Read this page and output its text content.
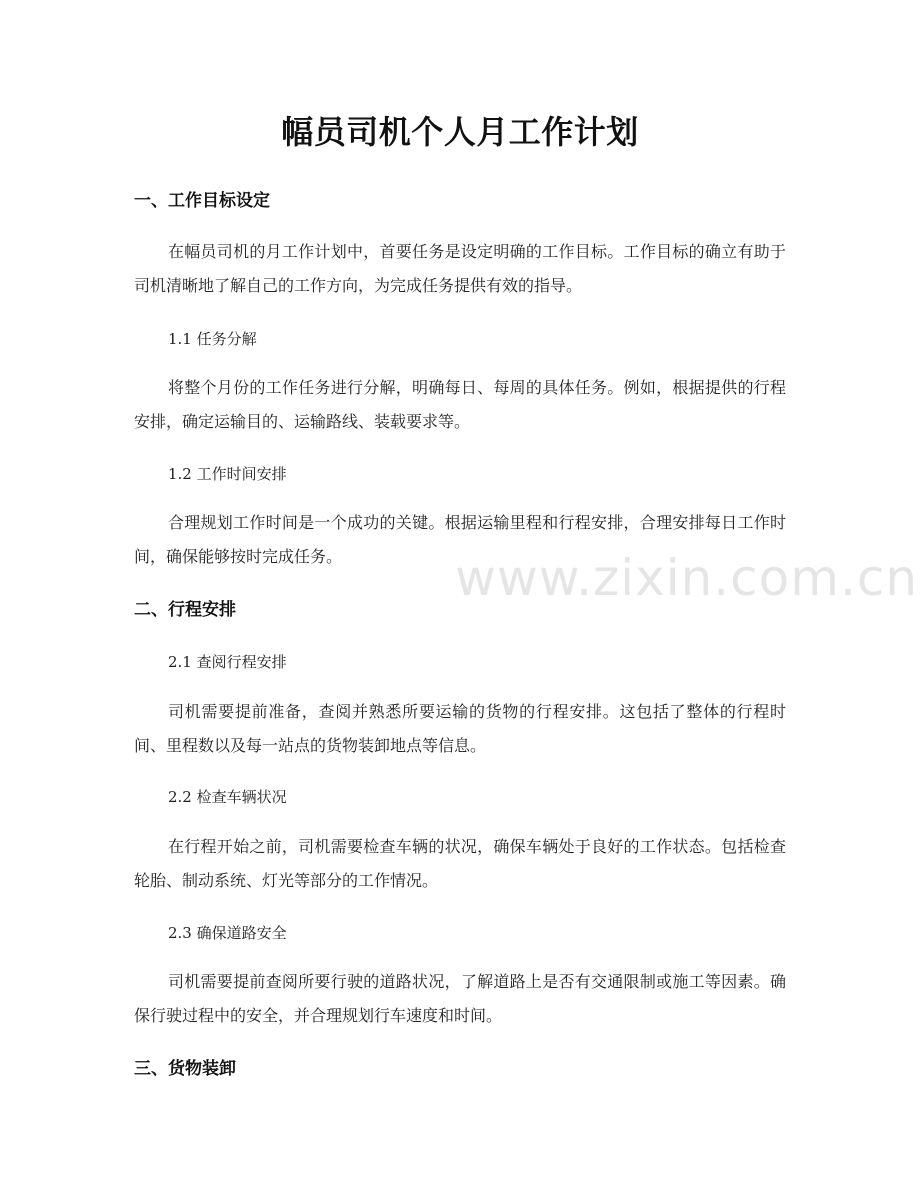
幅员司机个人月工作计划
一、工作目标设定

在幅员司机的月工作计划中，首要任务是设定明确的工作目标。工作目标的确立有助于司机清晰地了解自己的工作方向，为完成任务提供有效的指导。

1.1 任务分解

将整个月份的工作任务进行分解，明确每日、每周的具体任务。例如，根据提供的行程安排，确定运输目的、运输路线、装载要求等。

1.2 工作时间安排

合理规划工作时间是一个成功的关键。根据运输里程和行程安排，合理安排每日工作时间，确保能够按时完成任务。

二、行程安排
2.1 查阅行程安排

司机需要提前准备，查阅并熟悉所要运输的货物的行程安排。这包括了整体的行程时间、里程数以及每一站点的货物装卸地点等信息。

2.2 检查车辆状况

在行程开始之前，司机需要检查车辆的状况，确保车辆处于良好的工作状态。包括检查轮胎、制动系统、灯光等部分的工作情况。

2.3 确保道路安全

司机需要提前查阅所要行驶的道路状况，了解道路上是否有交通限制或施工等因素。确保行驶过程中的安全，并合理规划行车速度和时间。

三、货物装卸
www.zixin.com.cn
